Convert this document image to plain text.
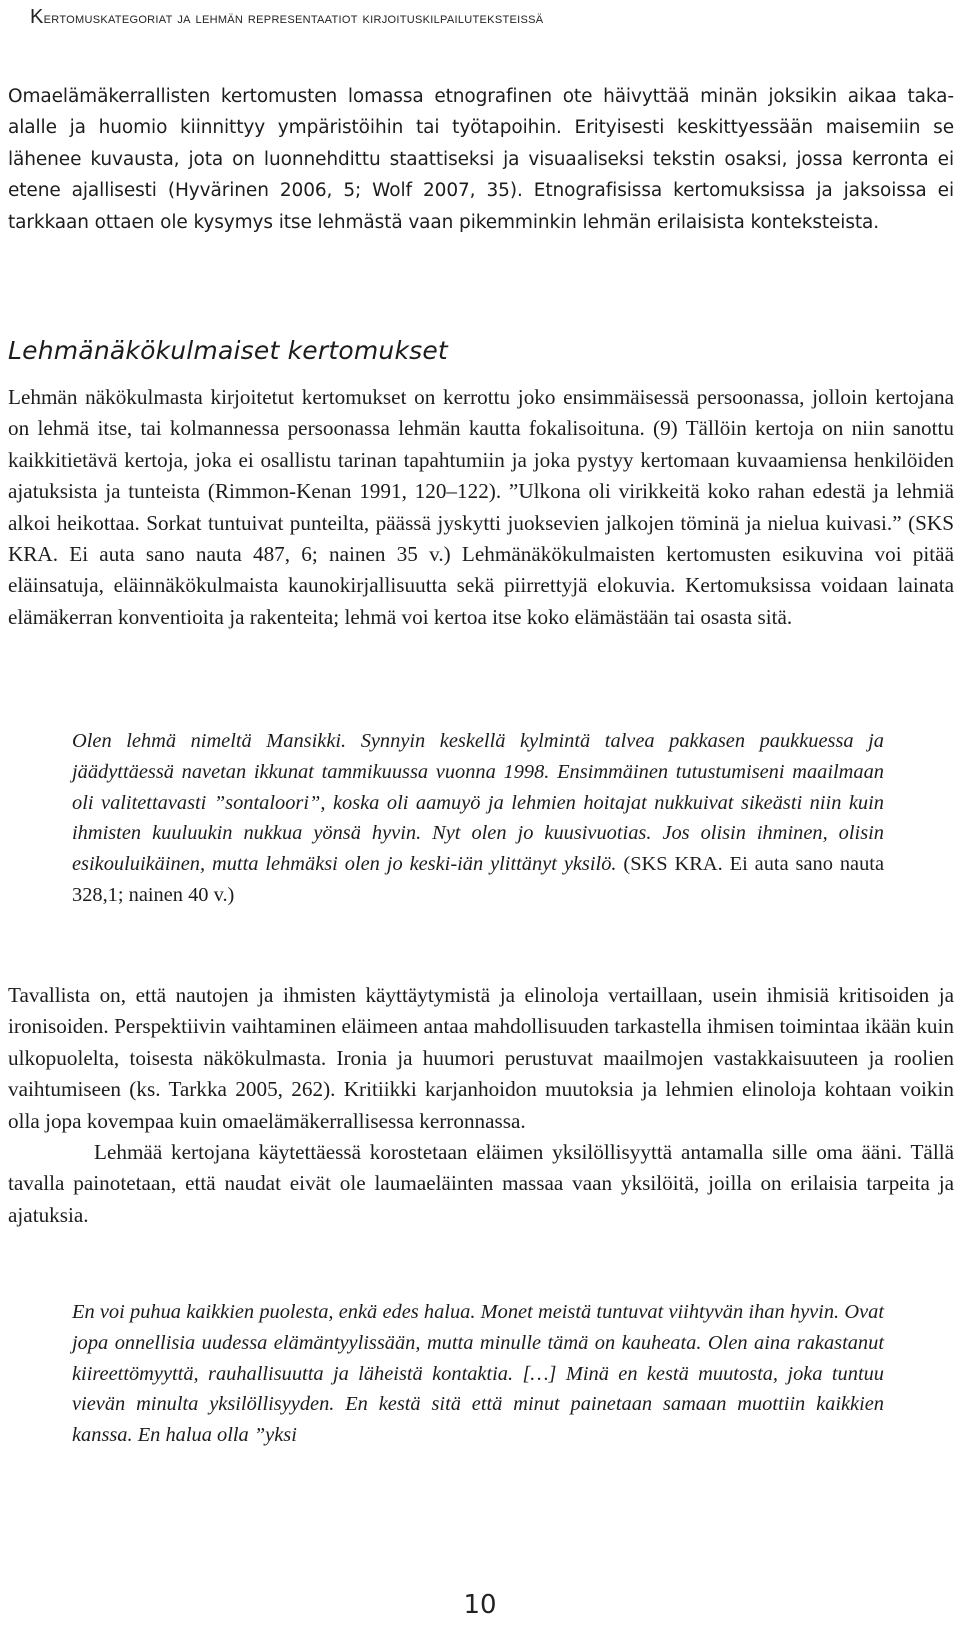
Kertomuskategoriat ja lehmän representaatiot kirjoituskilpailuteksteissä
Omaelämäkerrallisten kertomusten lomassa etnografinen ote häivyttää minän joksikin aikaa taka-alalle ja huomio kiinnittyy ympäristöihin tai työtapoihin. Erityisesti keskittyessään maisemiin se lähenee kuvausta, jota on luonnehdittu staattiseksi ja visuaaliseksi tekstin osaksi, jossa kerronta ei etene ajallisesti (Hyvärinen 2006, 5; Wolf 2007, 35). Etnografisissa kertomuksissa ja jaksoissa ei tarkkaan ottaen ole kysymys itse lehmästä vaan pikemminkin lehmän erilaisista konteksteista.
Lehmänäkökulmaiset kertomukset
Lehmän näkökulmasta kirjoitetut kertomukset on kerrottu joko ensimmäisessä persoonassa, jolloin kertojana on lehmä itse, tai kolmannessa persoonassa lehmän kautta fokalisoituna. (9) Tällöin kertoja on niin sanottu kaikkitietävä kertoja, joka ei osallistu tarinan tapahtumiin ja joka pystyy kertomaan kuvaamiensa henkilöiden ajatuksista ja tunteista (Rimmon-Kenan 1991, 120–122). ”Ulkona oli virikkeitä koko rahan edestä ja lehmiä alkoi heikottaa. Sorkat tuntuivat punteilta, päässä jyskytti juoksevien jalkojen töminä ja nielua kuivasi.” (SKS KRA. Ei auta sano nauta 487, 6; nainen 35 v.) Lehmänäkökulmaisten kertomusten esikuvina voi pitää eläinsatuja, eläinnäkökulmaista kaunokirjallisuutta sekä piirrettyjä elokuvia. Kertomuksissa voidaan lainata elämäkerran konventioita ja rakenteita; lehmä voi kertoa itse koko elämästään tai osasta sitä.
Olen lehmä nimeltä Mansikki. Synnyin keskellä kylmintä talvea pakkasen paukkuessa ja jäädyttäessä navetan ikkunat tammikuussa vuonna 1998. Ensimmäinen tutustumiseni maailmaan oli valitettavasti ”sontaloori”, koska oli aamuyö ja lehmien hoitajat nukkuivat sikeästi niin kuin ihmisten kuuluukin nukkua yönsä hyvin. Nyt olen jo kuusivuotias. Jos olisin ihminen, olisin esikouluikäinen, mutta lehmäksi olen jo keski-iän ylittänyt yksilö. (SKS KRA. Ei auta sano nauta 328,1; nainen 40 v.)
Tavallista on, että nautojen ja ihmisten käyttäytymistä ja elinoloja vertaillaan, usein ihmisiä kritisoiden ja ironisoiden. Perspektiivin vaihtaminen eläimeen antaa mahdollisuuden tarkastella ihmisen toimintaa ikään kuin ulkopuolelta, toisesta näkökulmasta. Ironia ja huumori perustuvat maailmojen vastakkaisuuteen ja roolien vaihtumiseen (ks. Tarkka 2005, 262). Kritiikki karjanhoidon muutoksia ja lehmien elinoloja kohtaan voikin olla jopa kovempaa kuin omaelämäkerrallisessa kerronnassa.
Lehmää kertojana käytettäessä korostetaan eläimen yksilöllisyyttä antamalla sille oma ääni. Tällä tavalla painotetaan, että naudat eivät ole laumaeläinten massaa vaan yksilöitä, joilla on erilaisia tarpeita ja ajatuksia.
En voi puhua kaikkien puolesta, enkä edes halua. Monet meistä tuntuvat viihtyvän ihan hyvin. Ovat jopa onnellisia uudessa elämäntyylissään, mutta minulle tämä on kauheata. Olen aina rakastanut kiireettömyyttä, rauhallisuutta ja läheistä kontaktia. […] Minä en kestä muutosta, joka tuntuu vievän minulta yksilöllisyyden. En kestä sitä että minut painetaan samaan muottiin kaikkien kanssa. En halua olla ”yksi
10
